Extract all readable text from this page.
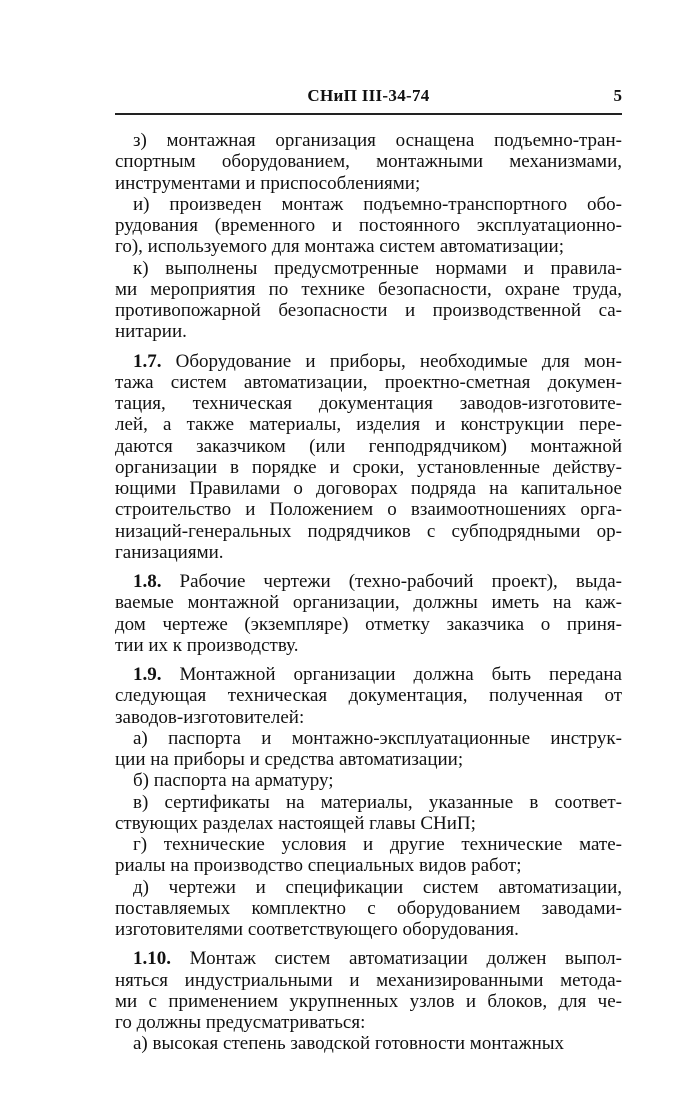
СНиП III-34-74	5
з) монтажная организация оснащена подъемно-тран-
спортным оборудованием, монтажными механизмами,
инструментами и приспособлениями;
и) произведен монтаж подъемно-транспортного обо-
рудования (временного и постоянного эксплуатационно-
го), используемого для монтажа систем автоматизации;
к) выполнены предусмотренные нормами и правила-
ми мероприятия по технике безопасности, охране труда,
противопожарной безопасности и производственной са-
нитарии.
1.7. Оборудование и приборы, необходимые для мон-
тажа систем автоматизации, проектно-сметная докумен-
тация, техническая документация заводов-изготовите-
лей, а также материалы, изделия и конструкции пере-
даются заказчиком (или генподрядчиком) монтажной
организации в порядке и сроки, установленные действу-
ющими Правилами о договорах подряда на капитальное
строительство и Положением о взаимоотношениях орга-
низаций-генеральных подрядчиков с субподрядными ор-
ганизациями.
1.8. Рабочие чертежи (техно-рабочий проект), выда-
ваемые монтажной организации, должны иметь на каж-
дом чертеже (экземпляре) отметку заказчика о приня-
тии их к производству.
1.9. Монтажной организации должна быть передана
следующая техническая документация, полученная от
заводов-изготовителей:
а) паспорта и монтажно-эксплуатационные инструк-
ции на приборы и средства автоматизации;
б) паспорта на арматуру;
в) сертификаты на материалы, указанные в соответ-
ствующих разделах настоящей главы СНиП;
г) технические условия и другие технические мате-
риалы на производство специальных видов работ;
д) чертежи и спецификации систем автоматизации,
поставляемых комплектно с оборудованием заводами-
изготовителями соответствующего оборудования.
1.10. Монтаж систем автоматизации должен выпол-
няться индустриальными и механизированными метода-
ми с применением укрупненных узлов и блоков, для че-
го должны предусматриваться:
а) высокая степень заводской готовности монтажных
